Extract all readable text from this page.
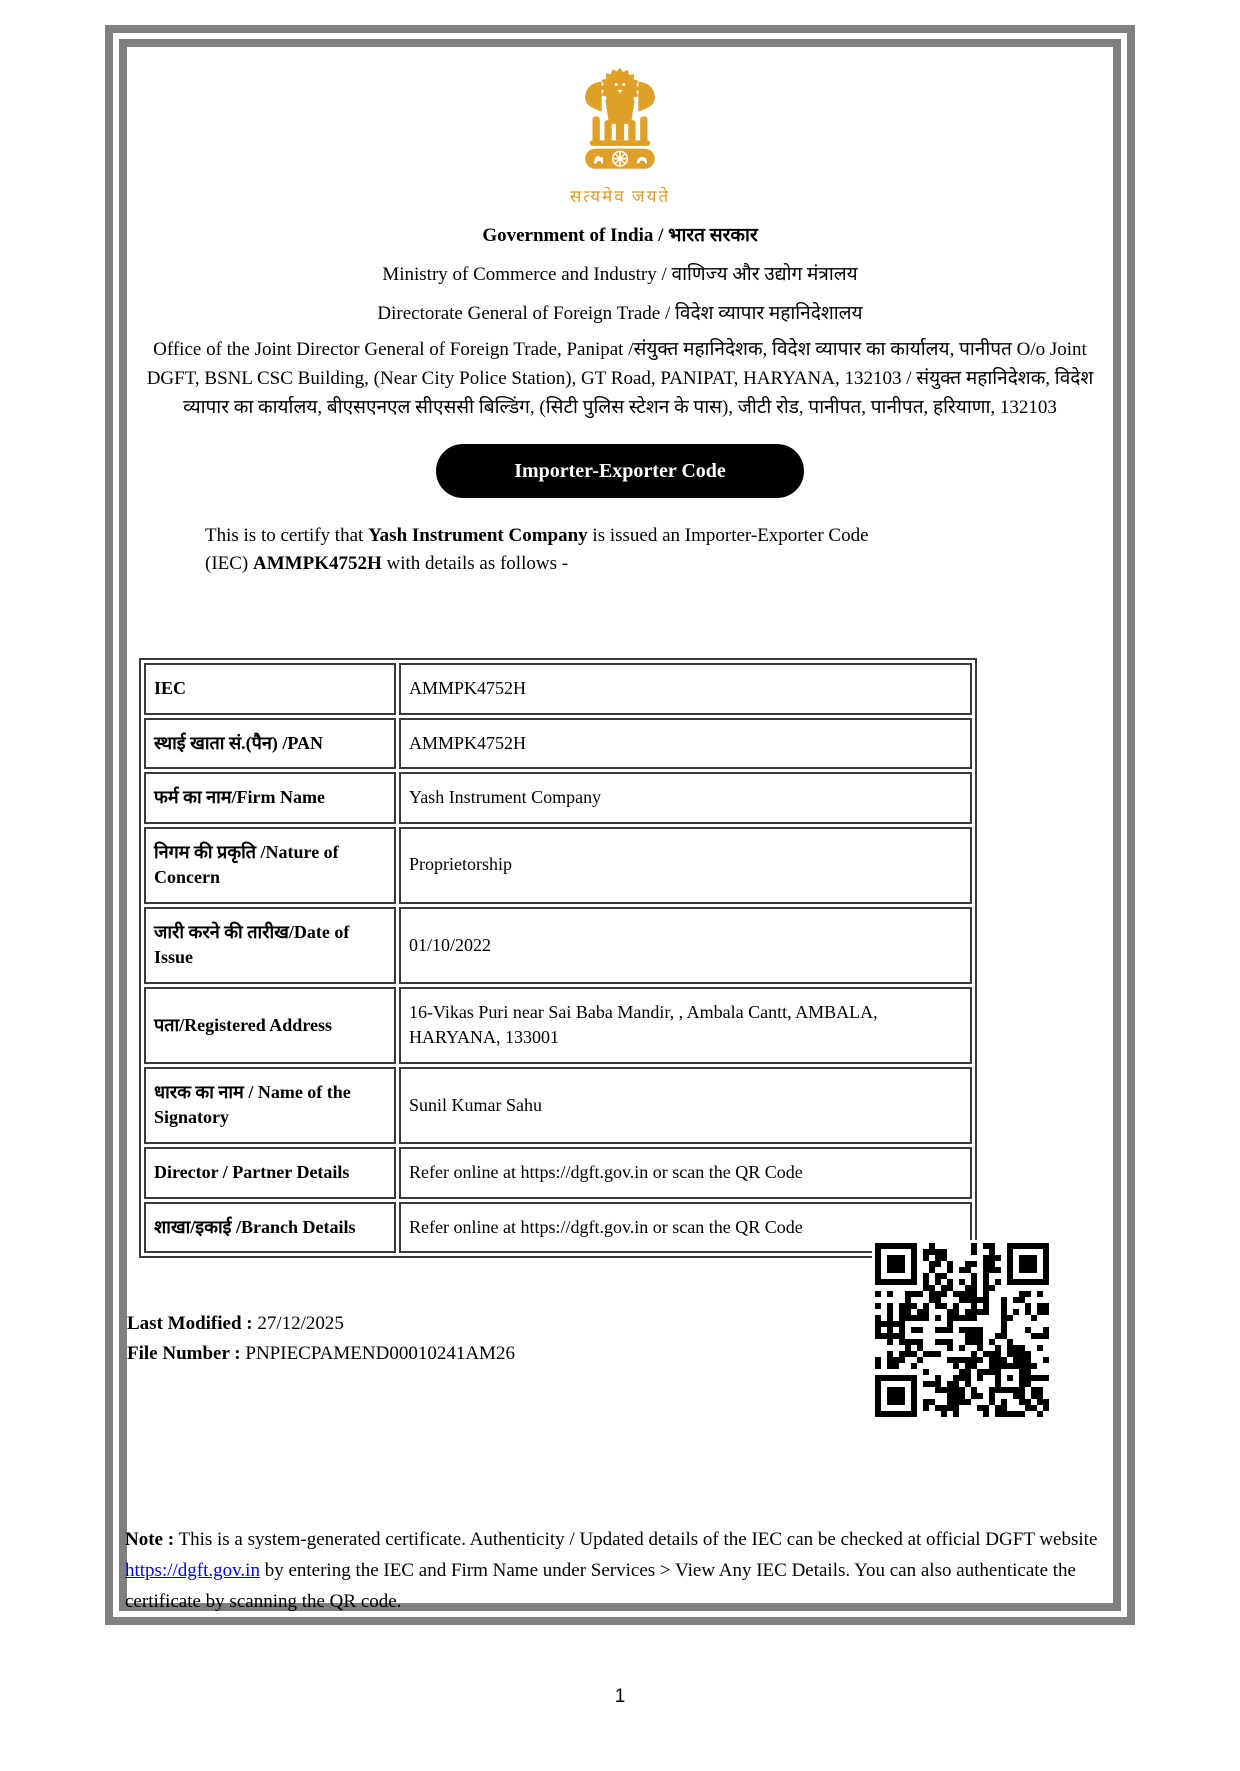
सत्यमेव जयते
Government of India / भारत सरकार
Ministry of Commerce and Industry / वाणिज्य और उद्योग मंत्रालय
Directorate General of Foreign Trade / विदेश व्यापार महानिदेशालय
Office of the Joint Director General of Foreign Trade, Panipat /संयुक्त महानिदेशक, विदेश व्यापार का कार्यालय, पानीपत O/o Joint DGFT, BSNL CSC Building, (Near City Police Station), GT Road, PANIPAT, HARYANA, 132103 / संयुक्त महानिदेशक, विदेश व्यापार का कार्यालय, बीएसएनएल सीएससी बिल्डिंग, (सिटी पुलिस स्टेशन के पास), जीटी रोड, पानीपत, पानीपत, हरियाणा, 132103
Importer-Exporter Code

This is to certify that Yash Instrument Company is issued an Importer-Exporter Code (IEC) AMMPK4752H with details as follows -

IEC	AMMPK4752H
स्थाई खाता सं.(पैन) /PAN	AMMPK4752H
फर्म का नाम/Firm Name	Yash Instrument Company
निगम की प्रकृति /Nature of Concern	Proprietorship
जारी करने की तारीख/Date of Issue	01/10/2022
पता/Registered Address	16-Vikas Puri near Sai Baba Mandir, , Ambala Cantt, AMBALA, HARYANA, 133001
धारक का नाम / Name of the Signatory	Sunil Kumar Sahu
Director / Partner Details	Refer online at https://dgft.gov.in or scan the QR Code
शाखा/इकाई /Branch Details	Refer online at https://dgft.gov.in or scan the QR Code
Last Modified : 27/12/2025
File Number : PNPIECPAMEND00010241AM26

Note : This is a system-generated certificate. Authenticity / Updated details of the IEC can be checked at official DGFT website https://dgft.gov.in by entering the IEC and Firm Name under Services > View Any IEC Details. You can also authenticate the certificate by scanning the QR code.

1
